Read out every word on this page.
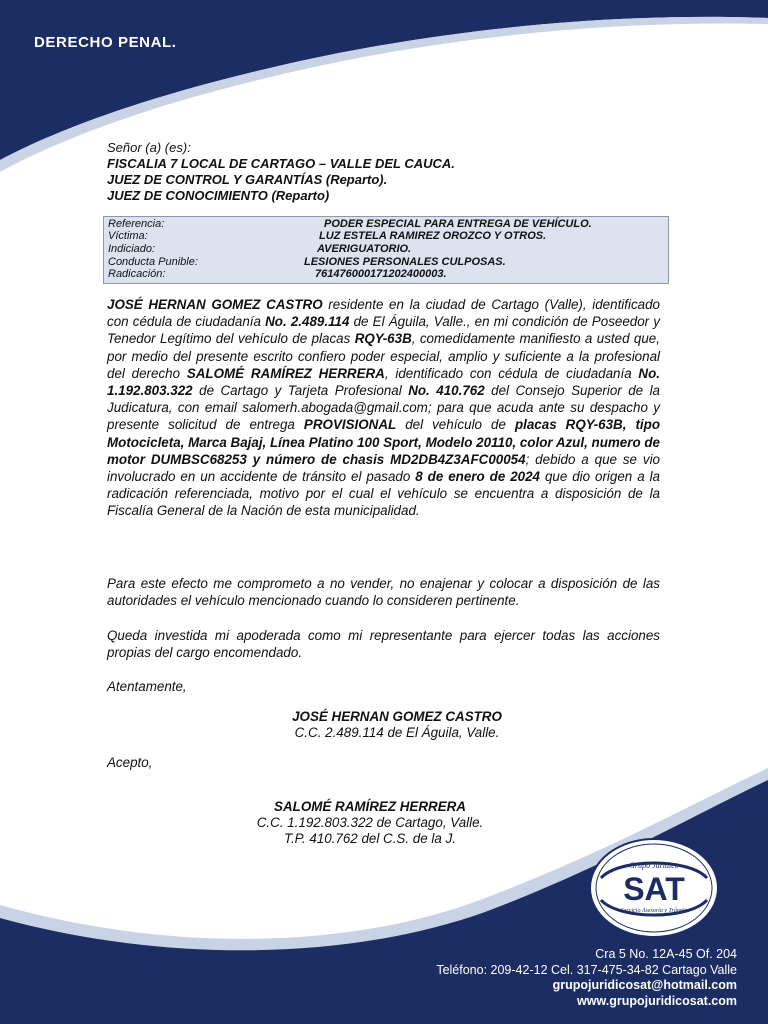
DERECHO PENAL.
Señor (a) (es):
FISCALIA 7 LOCAL DE CARTAGO – VALLE DEL CAUCA.
JUEZ DE CONTROL Y GARANTÍAS (Reparto).
JUEZ DE CONOCIMIENTO (Reparto)
Referencia:	PODER ESPECIAL PARA ENTREGA DE VEHÍCULO.
Víctima:	LUZ ESTELA RAMIREZ OROZCO Y OTROS.
Indiciado:	AVERIGUATORIO.
Conducta Punible:	LESIONES PERSONALES CULPOSAS.
Radicación:	761476000171202400003.
JOSÉ HERNAN GOMEZ CASTRO residente en la ciudad de Cartago (Valle), identificado con cédula de ciudadanía No. 2.489.114 de El Águila, Valle., en mi condición de Poseedor y Tenedor Legítimo del vehículo de placas RQY-63B, comedidamente manifiesto a usted que, por medio del presente escrito confiero poder especial, amplio y suficiente a la profesional del derecho SALOMÉ RAMÍREZ HERRERA, identificado con cédula de ciudadanía No. 1.192.803.322 de Cartago y Tarjeta Profesional No. 410.762 del Consejo Superior de la Judicatura, con email salomerh.abogada@gmail.com; para que acuda ante su despacho y presente solicitud de entrega PROVISIONAL del vehículo de placas RQY-63B, tipo Motocicleta, Marca Bajaj, Línea Platino 100 Sport, Modelo 20110, color Azul, numero de motor DUMBSC68253 y número de chasis MD2DB4Z3AFC00054; debido a que se vio involucrado en un accidente de tránsito el pasado 8 de enero de 2024 que dio origen a la radicación referenciada, motivo por el cual el vehículo se encuentra a disposición de la Fiscalía General de la Nación de esta municipalidad.
Para este efecto me comprometo a no vender, no enajenar y colocar a disposición de las autoridades el vehículo mencionado cuando lo consideren pertinente.
Queda investida mi apoderada como mi representante para ejercer todas las acciones propias del cargo encomendado.
Atentamente,
JOSÉ HERNAN GOMEZ CASTRO
C.C. 2.489.114 de El Águila, Valle.
Acepto,
SALOMÉ RAMÍREZ HERRERA
C.C. 1.192.803.322 de Cartago, Valle.
T.P. 410.762 del C.S. de la J.
Grupo Jurídico
SAT
Servicio Asesoría y Trámite
Cra 5 No. 12A-45 Of. 204
Teléfono: 209-42-12 Cel. 317-475-34-82 Cartago Valle
grupojuridicosat@hotmail.com
www.grupojuridicosat.com
